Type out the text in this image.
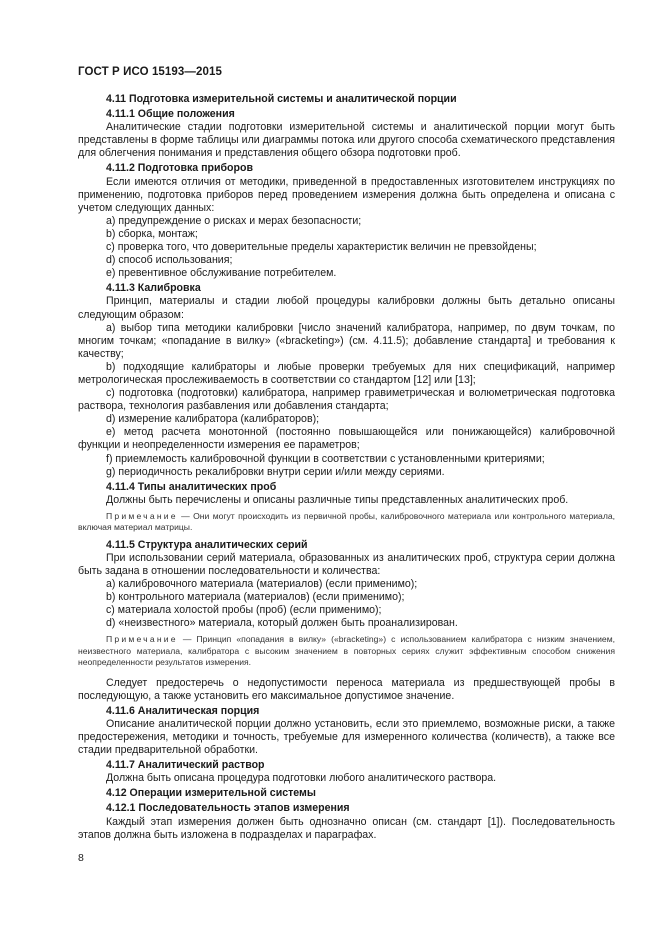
ГОСТ Р ИСО 15193—2015
4.11 Подготовка измерительной системы и аналитической порции
4.11.1 Общие положения

Аналитические стадии подготовки измерительной системы и аналитической порции могут быть представлены в форме таблицы или диаграммы потока или другого способа схематического представления для облегчения понимания и представления общего обзора подготовки проб.

4.11.2 Подготовка приборов

Если имеются отличия от методики, приведенной в предоставленных изготовителем инструкциях по применению, подготовка приборов перед проведением измерения должна быть определена и описана с учетом следующих данных:

а) предупреждение о рисках и мерах безопасности;

b) сборка, монтаж;

c) проверка того, что доверительные пределы характеристик величин не превзойдены;

d) способ использования;

e) превентивное обслуживание потребителем.

4.11.3 Калибровка

Принцип, материалы и стадии любой процедуры калибровки должны быть детально описаны следующим образом:

а) выбор типа методики калибровки [число значений калибратора, например, по двум точкам, по многим точкам; «попадание в вилку» («bracketing») (см. 4.11.5); добавление стандарта] и требования к качеству;

b) подходящие калибраторы и любые проверки требуемых для них спецификаций, например метрологическая прослеживаемость в соответствии со стандартом [12] или [13];

c) подготовка (подготовки) калибратора, например гравиметрическая и волюметрическая подготовка раствора, технология разбавления или добавления стандарта;

d) измерение калибратора (калибраторов);

e) метод расчета монотонной (постоянно повышающейся или понижающейся) калибровочной функции и неопределенности измерения ее параметров;

f) приемлемость калибровочной функции в соответствии с установленными критериями;

g) периодичность рекалибровки внутри серии и/или между сериями.

4.11.4 Типы аналитических проб

Должны быть перечислены и описаны различные типы представленных аналитических проб.

Примечание — Они могут происходить из первичной пробы, калибровочного материала или контрольного материала, включая материал матрицы.

4.11.5 Структура аналитических серий

При использовании серий материала, образованных из аналитических проб, структура серии должна быть задана в отношении последовательности и количества:

а) калибровочного материала (материалов) (если применимо);

b) контрольного материала (материалов) (если применимо);

c) материала холостой пробы (проб) (если применимо);

d) «неизвестного» материала, который должен быть проанализирован.

Примечание — Принцип «попадания в вилку» («bracketing») с использованием калибратора с низким значением, неизвестного материала, калибратора с высоким значением в повторных сериях служит эффективным способом снижения неопределенности результатов измерения.

Следует предостеречь о недопустимости переноса материала из предшествующей пробы в последующую, а также установить его максимальное допустимое значение.

4.11.6 Аналитическая порция

Описание аналитической порции должно установить, если это приемлемо, возможные риски, а также предостережения, методики и точность, требуемые для измеренного количества (количеств), а также все стадии предварительной обработки.

4.11.7 Аналитический раствор

Должна быть описана процедура подготовки любого аналитического раствора.

4.12 Операции измерительной системы
4.12.1 Последовательность этапов измерения

Каждый этап измерения должен быть однозначно описан (см. стандарт [1]). Последовательность этапов должна быть изложена в подразделах и параграфах.

8
